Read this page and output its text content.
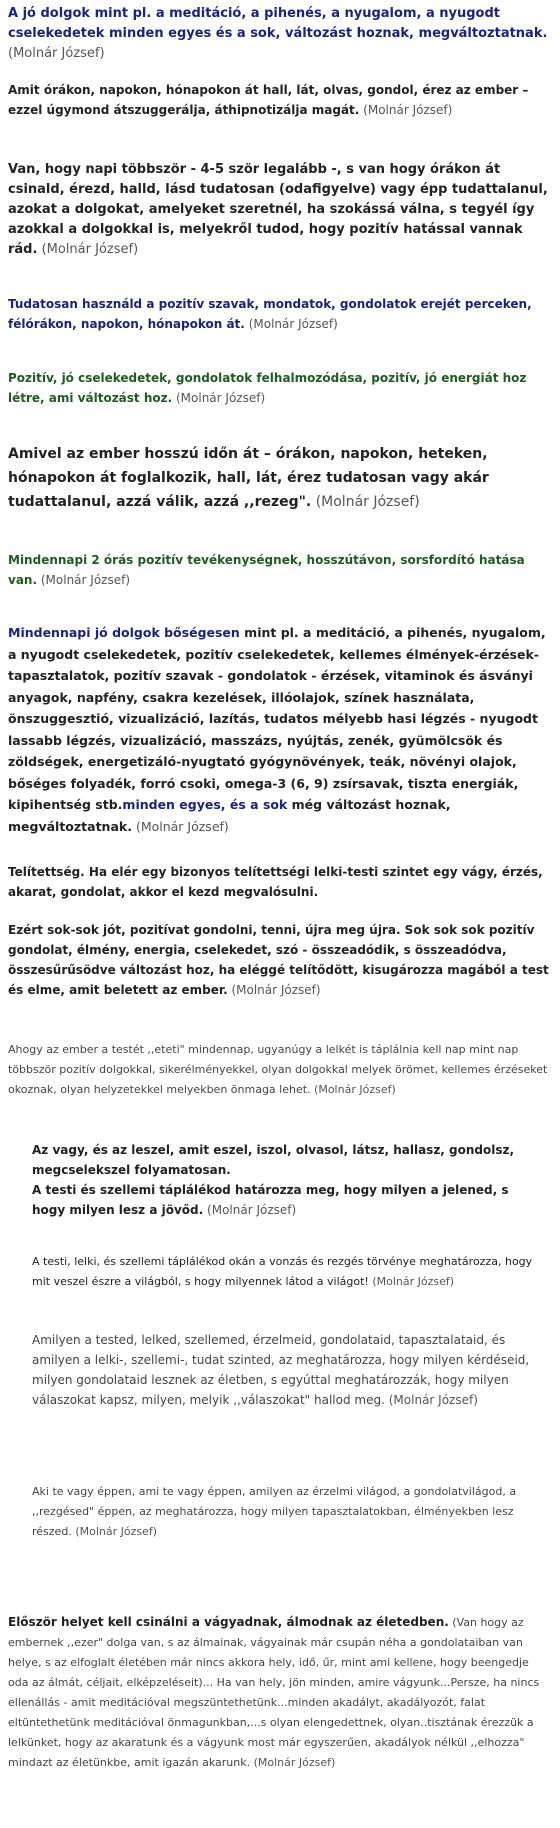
A jó dolgok mint pl. a meditáció, a pihenés, a nyugalom, a nyugodt cselekedetek minden egyes és a sok, változást hoznak, megváltoztatnak. (Molnár József)

Amit órákon, napokon, hónapokon át hall, lát, olvas, gondol, érez az ember – ezzel úgymond átszuggerálja, áthipnotizálja magát. (Molnár József)

Van, hogy napi többször - 4-5 ször legalább -, s van hogy órákon át csinald, érezd, halld, lásd tudatosan (odafigyelve) vagy épp tudattalanul, azokat a dolgokat, amelyeket szeretnél, ha szokássá válna, s tegyél így azokkal a dolgokkal is, melyekről tudod, hogy pozitív hatással vannak rád. (Molnár József)

Tudatosan használd a pozitív szavak, mondatok, gondolatok erejét perceken, félórákon, napokon, hónapokon át. (Molnár József)

Pozitív, jó cselekedetek, gondolatok felhalmozódása, pozitív, jó energiát hoz létre, ami változást hoz. (Molnár József)

Amivel az ember hosszú időn át – órákon, napokon, heteken, hónapokon át foglalkozik, hall, lát, érez tudatosan vagy akár tudattalanul, azzá válik, azzá ,,rezeg". (Molnár József)

Mindennapi 2 órás pozitív tevékenységnek, hosszútávon, sorsfordító hatása van. (Molnár József)

Mindennapi jó dolgok bőségesen mint pl. a meditáció, a pihenés, nyugalom, a nyugodt cselekedetek, pozitív cselekedetek, kellemes élmények-érzések-tapasztalatok, pozitív szavak - gondolatok - érzések, vitaminok és ásványi anyagok, napfény, csakra kezelések, illóolajok, színek használata, önszuggesztió, vizualizáció, lazítás, tudatos mélyebb hasi légzés - nyugodt lassabb légzés, vizualizáció, masszázs, nyújtás, zenék, gyümölcsök és zöldségek, energetizáló-nyugtató gyógynövények, teák, növényi olajok, bőséges folyadék, forró csoki, omega-3 (6, 9) zsírsavak, tiszta energiák, kipihentség stb.minden egyes, és a sok még változást hoznak, megváltoztatnak. (Molnár József)

Telítettség. Ha elér egy bizonyos telítettségi lelki-testi szintet egy vágy, érzés, akarat, gondolat, akkor el kezd megvalósulni.

Ezért sok-sok jót, pozitívat gondolni, tenni, újra meg újra. Sok sok sok pozitív gondolat, élmény, energia, cselekedet, szó - összeadódik, s összeadódva, összesűrűsödve változást hoz, ha eléggé telítődött, kisugározza magából a test és elme, amit beletett az ember. (Molnár József)

Ahogy az ember a testét ,,eteti" mindennap, ugyanúgy a lelkét is táplálnia kell nap mint nap többször pozitív dolgokkal, sikerélményekkel, olyan dolgokkal melyek örömet, kellemes érzéseket okoznak, olyan helyzetekkel melyekben önmaga lehet. (Molnár József)

Az vagy, és az leszel, amit eszel, iszol, olvasol, látsz, hallasz, gondolsz, megcselekszel folyamatosan.
A testi és szellemi táplálékod határozza meg, hogy milyen a jelened, s hogy milyen lesz a jövőd. (Molnár József)

A testi, lelki, és szellemi táplálékod okán a vonzás és rezgés törvénye meghatározza, hogy mit veszel észre a világból, s hogy milyennek látod a világot! (Molnár József)

Amilyen a tested, lelked, szellemed, érzelmeid, gondolataid, tapasztalataid, és amilyen a lelki-, szellemi-, tudat szinted, az meghatározza, hogy milyen kérdéseid, milyen gondolataid lesznek az életben, s egyúttal meghatározzák, hogy milyen válaszokat kapsz, milyen, melyik ,,válaszokat" hallod meg. (Molnár József)

Aki te vagy éppen, ami te vagy éppen, amilyen az érzelmi világod, a gondolatvilágod, a ,,rezgésed" éppen, az meghatározza, hogy milyen tapasztalatokban, élményekben lesz részed. (Molnár József)

Először helyet kell csinálni a vágyadnak, álmodnak az életedben. (Van hogy az embernek ,,ezer" dolga van, s az álmainak, vágyainak már csupán néha a gondolataiban van helye, s az elfoglalt életében már nincs akkora hely, idő, űr, mint ami kellene, hogy beengedje oda az álmát, céljait, elképzeléseit)... Ha van hely, jön minden, amire vágyunk...Persze, ha nincs ellenállás - amit meditációval megszüntethetünk...minden akadályt, akadályozót, falat eltüntethetünk meditációval önmagunkban,...s olyan elengedettnek, olyan..tisztának érezzük a lelkünket, hogy az akaratunk és a vágyunk most már egyszerűen, akadályok nélkül ,,elhozza" mindazt az életünkbe, amit igazán akarunk. (Molnár József)
